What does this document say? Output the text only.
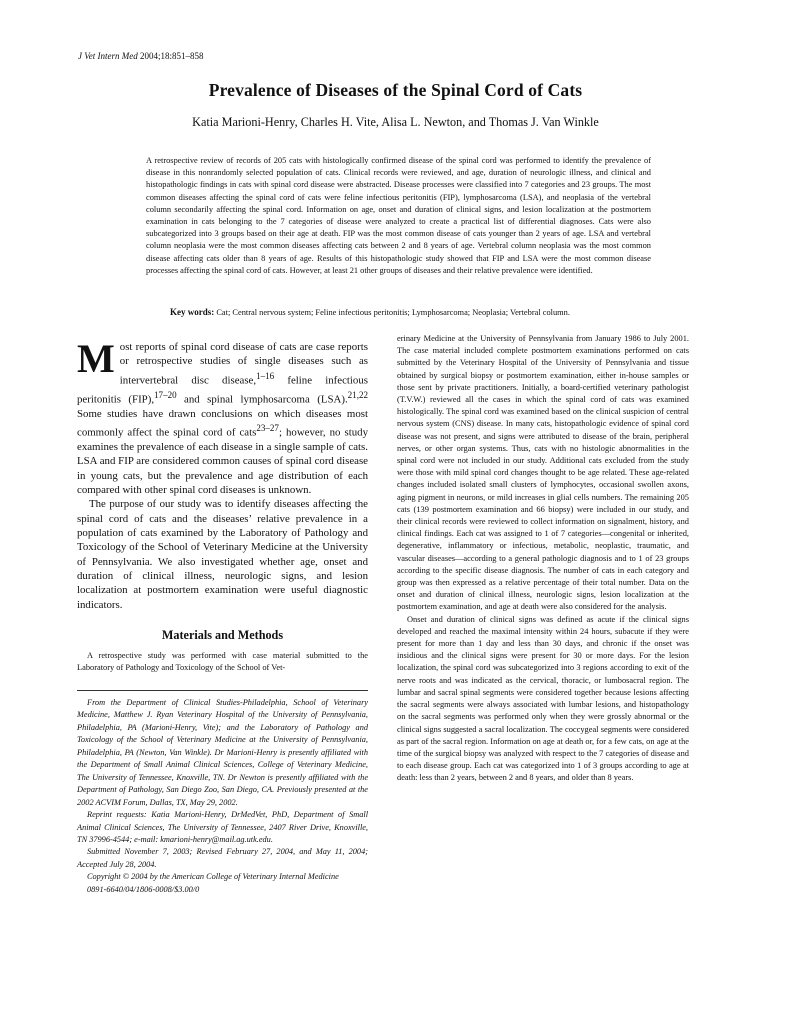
J Vet Intern Med 2004;18:851–858
Prevalence of Diseases of the Spinal Cord of Cats
Katia Marioni-Henry, Charles H. Vite, Alisa L. Newton, and Thomas J. Van Winkle

A retrospective review of records of 205 cats with histologically confirmed disease of the spinal cord was performed to identify the prevalence of disease in this nonrandomly selected population of cats. Clinical records were reviewed, and age, duration of neurologic illness, and clinical and histopathologic findings in cats with spinal cord disease were abstracted. Disease processes were classified into 7 categories and 23 groups. The most common diseases affecting the spinal cord of cats were feline infectious peritonitis (FIP), lymphosarcoma (LSA), and neoplasia of the vertebral column secondarily affecting the spinal cord. Information on age, onset and duration of clinical signs, and lesion localization at the postmortem examination in cats belonging to the 7 categories of disease were analyzed to create a practical list of differential diagnoses. Cats were also subcategorized into 3 groups based on their age at death. FIP was the most common disease of cats younger than 2 years of age. LSA and vertebral column neoplasia were the most common diseases affecting cats between 2 and 8 years of age. Vertebral column neoplasia was the most common disease affecting cats older than 8 years of age. Results of this histopathologic study showed that FIP and LSA were the most common disease processes affecting the spinal cord of cats. However, at least 21 other groups of diseases and their relative prevalence were identified.

Key words: Cat; Central nervous system; Feline infectious peritonitis; Lymphosarcoma; Neoplasia; Vertebral column.

Most reports of spinal cord disease of cats are case reports or retrospective studies of single diseases such as intervertebral disc disease,$^{1-16}$ feline infectious peritonitis (FIP),$^{17-20}$ and spinal lymphosarcoma (LSA).$^{21,22}$ Some studies have drawn conclusions on which diseases most commonly affect the spinal cord of cats$^{23-27}$; however, no study examines the prevalence of each disease in a single sample of cats. LSA and FIP are considered common causes of spinal cord disease in young cats, but the prevalence and age distribution of each compared with other spinal cord diseases is unknown.

The purpose of our study was to identify diseases affecting the spinal cord of cats and the diseases’ relative prevalence in a population of cats examined by the Laboratory of Pathology and Toxicology of the School of Veterinary Medicine at the University of Pennsylvania. We also investigated whether age, onset and duration of clinical illness, neurologic signs, and lesion localization at postmortem examination were useful diagnostic indicators.

Materials and Methods

A retrospective study was performed with case material submitted to the Laboratory of Pathology and Toxicology of the School of Vet-

From the Department of Clinical Studies-Philadelphia, School of Veterinary Medicine, Matthew J. Ryan Veterinary Hospital of the University of Pennsylvania, Philadelphia, PA (Marioni-Henry, Vite); and the Laboratory of Pathology and Toxicology of the School of Veterinary Medicine at the University of Pennsylvania, Philadelphia, PA (Newton, Van Winkle). Dr Marioni-Henry is presently affiliated with the Department of Small Animal Clinical Sciences, College of Veterinary Medicine, The University of Tennessee, Knoxville, TN. Dr Newton is presently affiliated with the Department of Pathology, San Diego Zoo, San Diego, CA. Previously presented at the 2002 ACVIM Forum, Dallas, TX, May 29, 2002.

Reprint requests: Katia Marioni-Henry, DrMedVet, PhD, Department of Small Animal Clinical Sciences, The University of Tennessee, 2407 River Drive, Knoxville, TN 37996-4544; e-mail: kmarioni-henry@mail.ag.utk.edu.

Submitted November 7, 2003; Revised February 27, 2004, and May 11, 2004; Accepted July 28, 2004.

Copyright © 2004 by the American College of Veterinary Internal Medicine

0891-6640/04/1806-0008/$3.00/0

erinary Medicine at the University of Pennsylvania from January 1986 to July 2001. The case material included complete postmortem examinations performed on cats submitted by the Veterinary Hospital of the University of Pennsylvania and tissue obtained by surgical biopsy or postmortem examination, either in-house samples or those sent by private practitioners. Initially, a board-certified veterinary pathologist (T.V.W.) reviewed all the cases in which the spinal cord of cats was examined histologically. The spinal cord was examined based on the clinical suspicion of central nervous system (CNS) disease. In many cats, histopathologic evidence of spinal cord disease was not present, and signs were attributed to disease of the brain, peripheral nerves, or other organ systems. Thus, cats with no histologic abnormalities in the spinal cord were not included in our study. Additional cats excluded from the study were those with mild spinal cord changes thought to be age related. These age-related changes included isolated small clusters of lymphocytes, occasional swollen axons, aging pigment in neurons, or mild increases in glial cells numbers. The remaining 205 cats (139 postmortem examination and 66 biopsy) were included in our study, and their clinical records were reviewed to collect information on signalment, history, and clinical findings. Each cat was assigned to 1 of 7 categories—congenital or inherited, degenerative, inflammatory or infectious, metabolic, neoplastic, traumatic, and vascular diseases—according to a general pathologic diagnosis and to 1 of 23 groups according to the specific disease diagnosis. The number of cats in each category and group was then expressed as a relative percentage of their total number. Data on the onset and duration of clinical illness, neurologic signs, lesion localization at the postmortem examination, and age at death were also considered for the analysis.

Onset and duration of clinical signs was defined as acute if the clinical signs developed and reached the maximal intensity within 24 hours, subacute if they were present for more than 1 day and less than 30 days, and chronic if the onset was insidious and the clinical signs were present for 30 or more days. For the lesion localization, the spinal cord was subcategorized into 3 regions according to exit of the nerve roots and was indicated as the cervical, thoracic, or lumbosacral region. The lumbar and sacral spinal segments were considered together because lesions affecting the sacral segments were always associated with lumbar lesions, and histopathology on the sacral segments was performed only when they were grossly abnormal or the clinical signs suggested a sacral localization. The coccygeal segments were considered as part of the sacral region. Information on age at death or, for a few cats, on age at the time of the surgical biopsy was analyzed with respect to the 7 categories of disease and to each disease group. Each cat was categorized into 1 of 3 groups according to age at death: less than 2 years, between 2 and 8 years, and older than 8 years.
